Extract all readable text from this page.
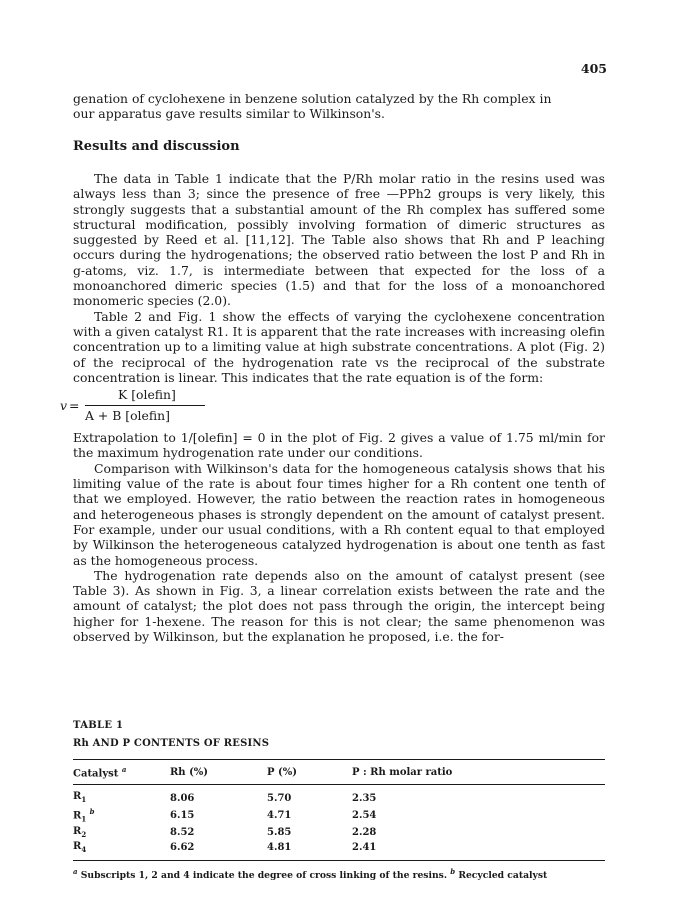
405

genation of cyclohexene in benzene solution catalyzed by the Rh complex in

our apparatus gave results similar to Wilkinson's.

Results and discussion

The data in Table 1 indicate that the P/Rh molar ratio in the resins used was always less than 3; since the presence of free —PPh2 groups is very likely, this strongly suggests that a substantial amount of the Rh complex has suffered some structural modification, possibly involving formation of dimeric structures as suggested by Reed et al. [11,12]. The Table also shows that Rh and P leaching occurs during the hydrogenations; the observed ratio between the lost P and Rh in g-atoms, viz. 1.7, is intermediate between that expected for the loss of a monoanchored dimeric species (1.5) and that for the loss of a monoanchored monomeric species (2.0).

Table 2 and Fig. 1 show the effects of varying the cyclohexene concentration with a given catalyst R1. It is apparent that the rate increases with increasing olefin concentration up to a limiting value at high substrate concentrations. A plot (Fig. 2) of the reciprocal of the hydrogenation rate vs the reciprocal of the substrate concentration is linear. This indicates that the rate equation is of the form:

v =
K [olefin]
A + B [olefin]

Extrapolation to 1/[olefin] = 0 in the plot of Fig. 2 gives a value of 1.75 ml/min for the maximum hydrogenation rate under our conditions.

Comparison with Wilkinson's data for the homogeneous catalysis shows that his limiting value of the rate is about four times higher for a Rh content one tenth of that we employed. However, the ratio between the reaction rates in homogeneous and heterogeneous phases is strongly dependent on the amount of catalyst present. For example, under our usual conditions, with a Rh content equal to that employed by Wilkinson the heterogeneous catalyzed hydrogenation is about one tenth as fast as the homogeneous process.

The hydrogenation rate depends also on the amount of catalyst present (see Table 3). As shown in Fig. 3, a linear correlation exists between the rate and the amount of catalyst; the plot does not pass through the origin, the intercept being higher for 1-hexene. The reason for this is not clear; the same phenomenon was observed by Wilkinson, but the explanation he proposed, i.e. the for-

TABLE 1
Rh AND P CONTENTS OF RESINS
Catalyst $^a$	Rh (%)	P (%)	P : Rh molar ratio
$R_1$	8.06	5.70	2.35
$R_1$ $^b$	6.15	4.71	2.54
$R_2$	8.52	5.85	2.28
$R_4$	6.62	4.81	2.41
$^a$ Subscripts 1, 2 and 4 indicate the degree of cross linking of the resins. $^b$ Recycled catalyst
